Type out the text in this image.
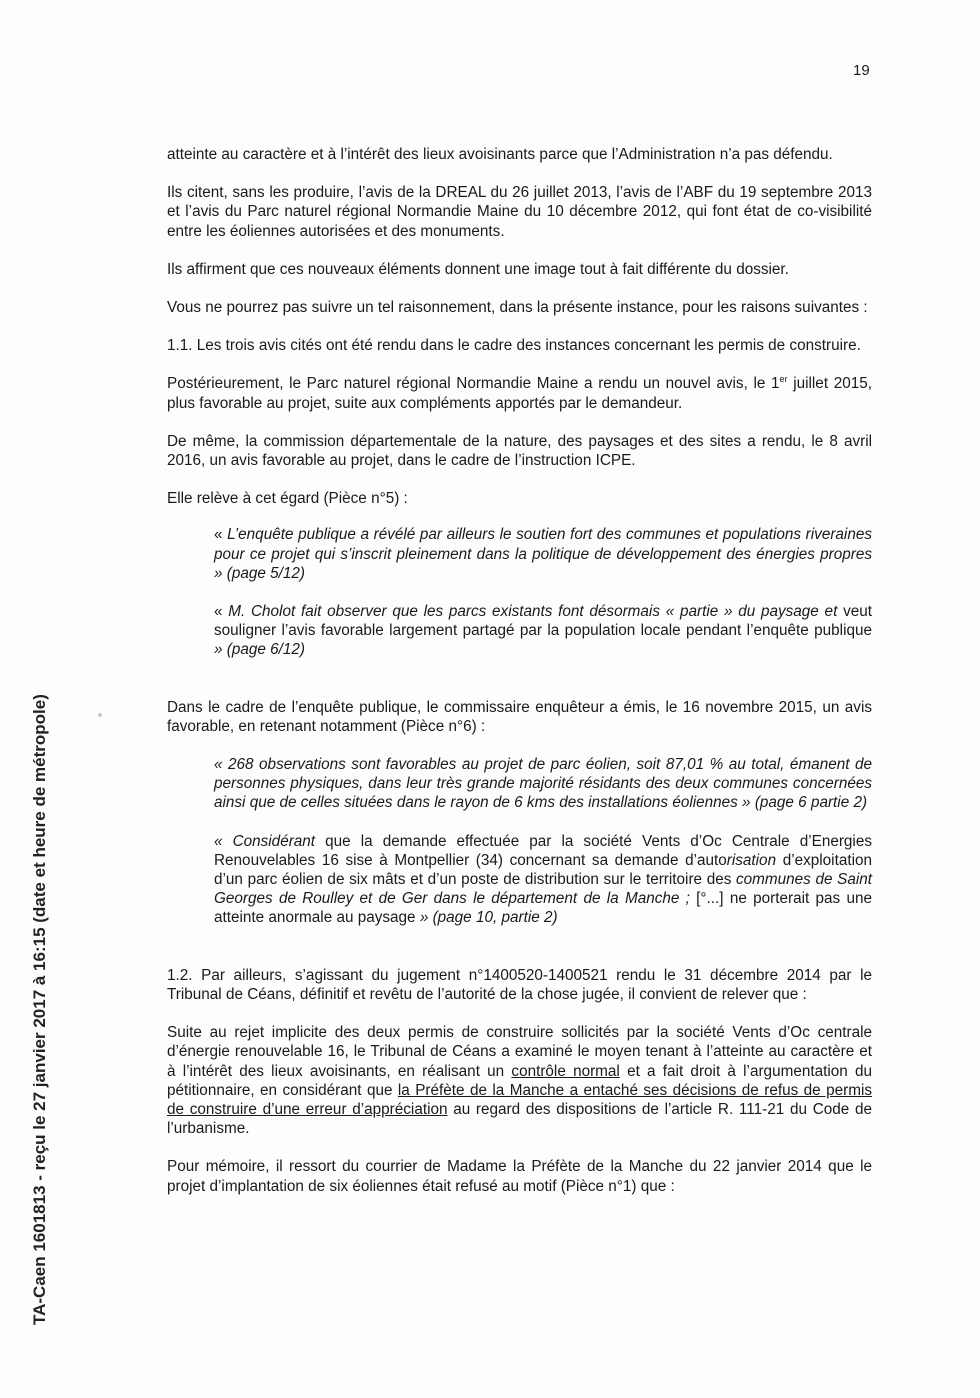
19
TA-Caen 1601813 - reçu le 27 janvier 2017 à 16:15 (date et heure de métropole)

atteinte au caractère et à l’intérêt des lieux avoisinants parce que l’Administration n’a pas défendu.

Ils citent, sans les produire, l’avis de la DREAL du 26 juillet 2013, l’avis de l’ABF du 19 septembre 2013 et l’avis du Parc naturel régional Normandie Maine du 10 décembre 2012, qui font état de co-visibilité entre les éoliennes autorisées et des monuments.

Ils affirment que ces nouveaux éléments donnent une image tout à fait différente du dossier.

Vous ne pourrez pas suivre un tel raisonnement, dans la présente instance, pour les raisons suivantes :

1.1. Les trois avis cités ont été rendu dans le cadre des instances concernant les permis de construire.

Postérieurement, le Parc naturel régional Normandie Maine a rendu un nouvel avis, le 1er juillet 2015, plus favorable au projet, suite aux compléments apportés par le demandeur.

De même, la commission départementale de la nature, des paysages et des sites a rendu, le 8 avril 2016, un avis favorable au projet, dans le cadre de l’instruction ICPE.

Elle relève à cet égard (Pièce n°5) :

« L’enquête publique a révélé par ailleurs le soutien fort des communes et populations riveraines pour ce projet qui s’inscrit pleinement dans la politique de développement des énergies propres » (page 5/12)

« M. Cholot fait observer que les parcs existants font désormais « partie » du paysage et veut souligner l’avis favorable largement partagé par la population locale pendant l’enquête publique » (page 6/12)

Dans le cadre de l’enquête publique, le commissaire enquêteur a émis, le 16 novembre 2015, un avis favorable, en retenant notamment (Pièce n°6) :

« 268 observations sont favorables au projet de parc éolien, soit 87,01 % au total, émanent de personnes physiques, dans leur très grande majorité résidants des deux communes concernées ainsi que de celles situées dans le rayon de 6 kms des installations éoliennes » (page 6 partie 2)

« Considérant que la demande effectuée par la société Vents d’Oc Centrale d’Energies Renouvelables 16 sise à Montpellier (34) concernant sa demande d’autorisation d’exploitation d’un parc éolien de six mâts et d’un poste de distribution sur le territoire des communes de Saint Georges de Roulley et de Ger dans le département de la Manche ; [°...] ne porterait pas une atteinte anormale au paysage » (page 10, partie 2)

1.2. Par ailleurs, s’agissant du jugement n°1400520-1400521 rendu le 31 décembre 2014 par le Tribunal de Céans, définitif et revêtu de l’autorité de la chose jugée, il convient de relever que :

Suite au rejet implicite des deux permis de construire sollicités par la société Vents d’Oc centrale d’énergie renouvelable 16, le Tribunal de Céans a examiné le moyen tenant à l’atteinte au caractère et à l’intérêt des lieux avoisinants, en réalisant un contrôle normal et a fait droit à l’argumentation du pétitionnaire, en considérant que la Préfète de la Manche a entaché ses décisions de refus de permis de construire d’une erreur d’appréciation au regard des dispositions de l’article R. 111-21 du Code de l’urbanisme.

Pour mémoire, il ressort du courrier de Madame la Préfète de la Manche du 22 janvier 2014 que le projet d’implantation de six éoliennes était refusé au motif (Pièce n°1) que :
